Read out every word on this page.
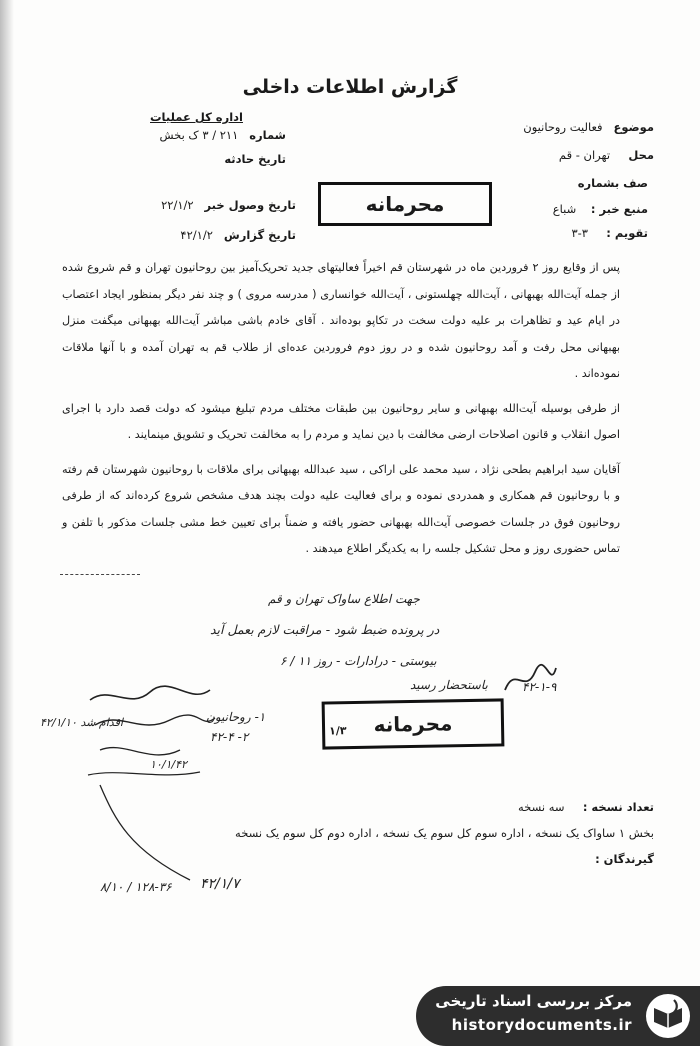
گزارش اطلاعات داخلی
موضوع   فعالیت روحانیون
محل     تهران - قم
صف بشماره
منبع خبر :    شباع
تقویم :     ۳-۳
اداره کل عملیات
شماره   ۲۱۱ / ۳ ک بخش
تاریخ حادثه
تاریخ وصول خبر   ۲۲/۱/۲
تاریخ گزارش   ۴۲/۱/۲
محرمانه

پس از وقایع روز ۲ فروردین ماه در شهرستان قم اخیراً فعالیتهای جدید تحریک‌آمیز بین روحانیون تهران و قم شروع شده از جمله آیت‌الله بهبهانی ، آیت‌الله چهلستونی ، آیت‌الله خوانساری ( مدرسه مروی ) و چند نفر دیگر بمنظور ایجاد اعتصاب در ایام عید و تظاهرات بر علیه دولت سخت در تکاپو بوده‌اند . آقای خادم باشی مباشر آیت‌الله بهبهانی میگفت منزل بهبهانی محل رفت و آمد روحانیون شده و در روز دوم فروردین عده‌ای از طلاب قم به تهران آمده و با آنها ملاقات نموده‌اند .

از طرفی بوسیله آیت‌الله بهبهانی و سایر روحانیون بین طبقات مختلف مردم تبلیغ میشود که دولت قصد دارد با اجرای اصول انقلاب و قانون اصلاحات ارضی مخالفت با دین نماید و مردم را به مخالفت تحریک و تشویق مینمایند .

آقایان سید ابراهیم بطحی نژاد ، سید محمد علی اراکی ، سید عبدالله بهبهانی برای ملاقات با روحانیون شهرستان قم رفته و با روحانیون قم همکاری و همدردی نموده و برای فعالیت علیه دولت بچند هدف مشخص شروع کرده‌اند که از طرفی روحانیون فوق در جلسات خصوصی آیت‌الله بهبهانی حضور یافته و ضمناً برای تعیین خط مشی جلسات مذکور با تلفن و تماس حضوری روز و محل تشکیل جلسه را به یکدیگر اطلاع میدهند .

جهت اطلاع ساواک تهران و قم
در پرونده ضبط شود - مراقبت لازم بعمل آید
بیوستی - درادارات - روز ۱۱ / ۶
باستحضار رسید	۴۲-۱-۹
۱- روحانیون
۲- ۴۲-۴
اقدام شد ۴۲/۱/۱۰
۱۰/۱/۴۲
محرمانه
۱/۳
تعداد نسخه :     سه نسخه
بخش ۱ ساواک یک نسخه ، اداره سوم کل سوم یک نسخه ، اداره دوم کل سوم یک نسخه
گیرندگان :
۱۲۸-۳۶ / ۸/۱۰ ۴۲/۱/۷
مرکز بررسی اسناد تاریخی
historydocuments.ir
